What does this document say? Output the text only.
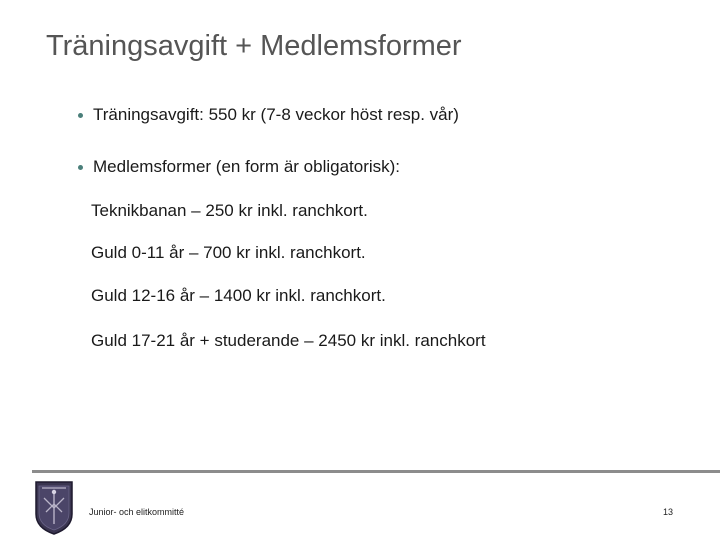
Träningsavgift + Medlemsformer
Träningsavgift: 550 kr (7-8 veckor höst resp. vår)
Medlemsformer (en form är obligatorisk):
Teknikbanan – 250 kr inkl. ranchkort.
Guld 0-11 år – 700 kr inkl. ranchkort.
Guld 12-16 år – 1400 kr inkl. ranchkort.
Guld 17-21 år + studerande – 2450 kr inkl. ranchkort
Junior- och elitkommitté	13
